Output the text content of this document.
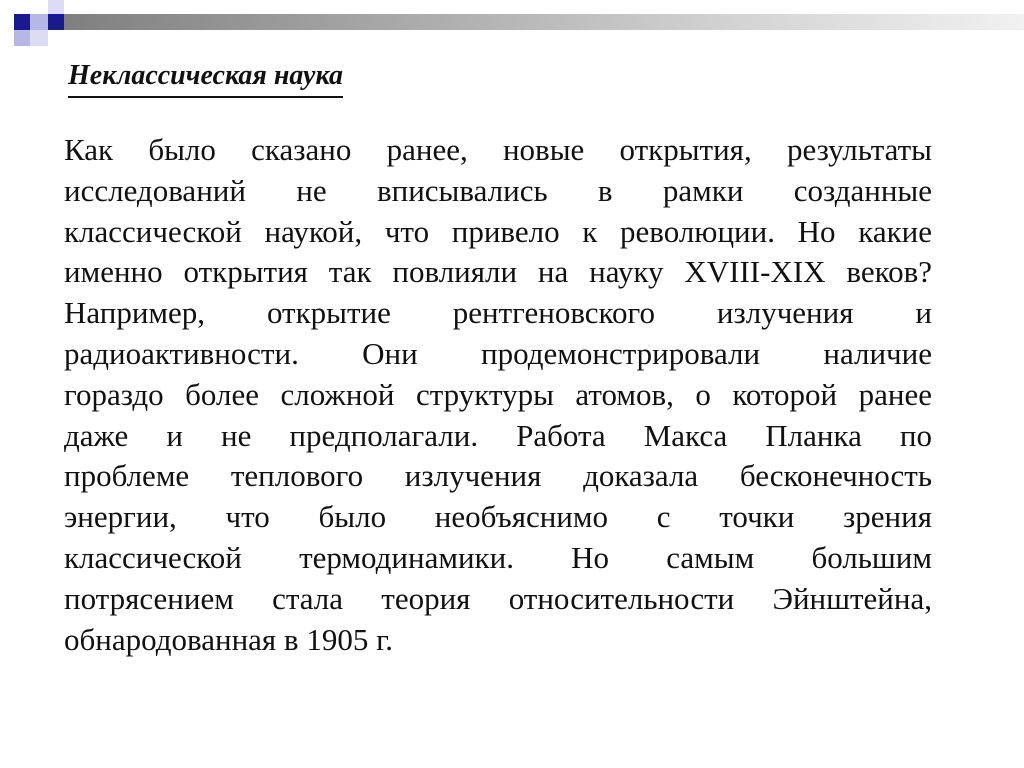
Неклассическая наука
Как было сказано ранее, новые открытия, результаты
исследований не вписывались в рамки созданные
классической наукой, что привело к революции. Но какие
именно открытия так повлияли на науку XVIII-XIX веков?
Например, открытие рентгеновского излучения и
радиоактивности. Они продемонстрировали наличие
гораздо более сложной структуры атомов, о которой ранее
даже и не предполагали. Работа Макса Планка по
проблеме теплового излучения доказала бесконечность
энергии, что было необъяснимо с точки зрения
классической термодинамики. Но самым большим
потрясением стала теория относительности Эйнштейна,
обнародованная в 1905 г.
